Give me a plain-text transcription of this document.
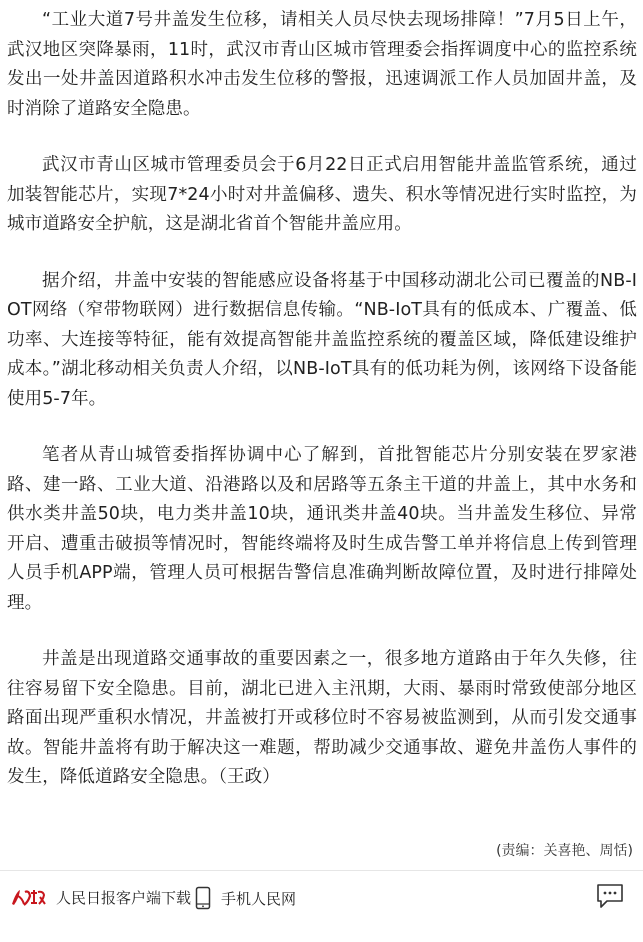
“工业大道7号井盖发生位移，请相关人员尽快去现场排障！”7月5日上午，武汉地区突降暴雨，11时，武汉市青山区城市管理委会指挥调度中心的监控系统发出一处井盖因道路积水冲击发生位移的警报，迅速调派工作人员加固井盖，及时消除了道路安全隐患。

武汉市青山区城市管理委员会于6月22日正式启用智能井盖监管系统，通过加装智能芯片，实现7*24小时对井盖偏移、遗失、积水等情况进行实时监控，为城市道路安全护航，这是湖北省首个智能井盖应用。

据介绍，井盖中安装的智能感应设备将基于中国移动湖北公司已覆盖的NB-IOT网络（窄带物联网）进行数据信息传输。“NB-IoT具有的低成本、广覆盖、低功率、大连接等特征，能有效提高智能井盖监控系统的覆盖区域，降低建设维护成本。”湖北移动相关负责人介绍，以NB-IoT具有的低功耗为例，该网络下设备能使用5-7年。

笔者从青山城管委指挥协调中心了解到，首批智能芯片分别安装在罗家港路、建一路、工业大道、沿港路以及和居路等五条主干道的井盖上，其中水务和供水类井盖50块，电力类井盖10块，通讯类井盖40块。当井盖发生移位、异常开启、遭重击破损等情况时，智能终端将及时生成告警工单并将信息上传到管理人员手机APP端，管理人员可根据告警信息准确判断故障位置，及时进行排障处理。

井盖是出现道路交通事故的重要因素之一，很多地方道路由于年久失修，往往容易留下安全隐患。目前，湖北已进入主汛期，大雨、暴雨时常致使部分地区路面出现严重积水情况，井盖被打开或移位时不容易被监测到，从而引发交通事故。智能井盖将有助于解决这一难题，帮助减少交通事故、避免井盖伤人事件的发生，降低道路安全隐患。（王政）

(责编：关喜艳、周恬)
人民日报客户端下载 手机人民网
